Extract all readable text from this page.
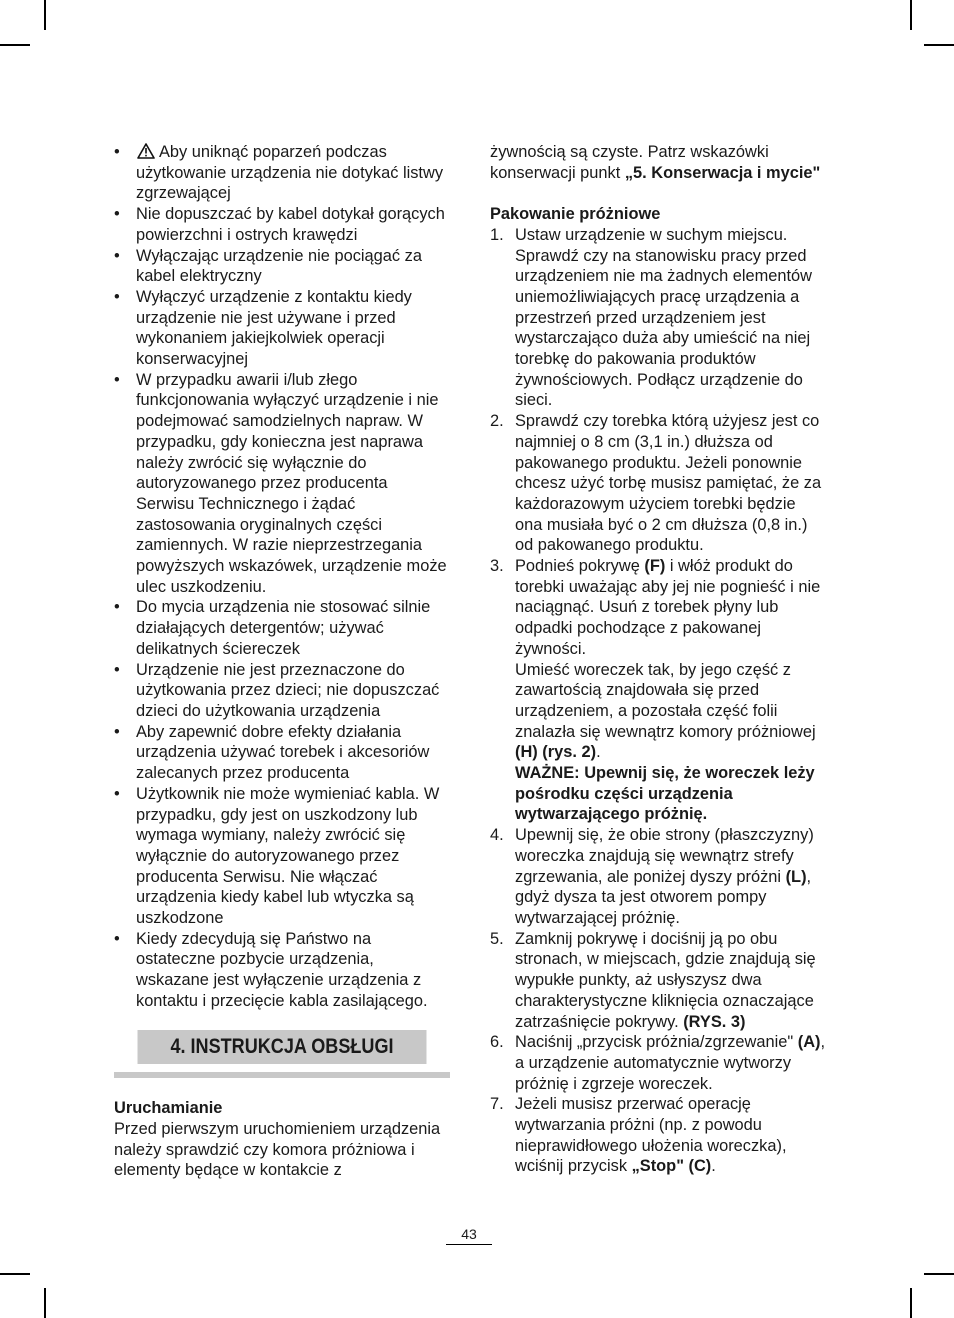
• Aby uniknąć poparzeń podczas użytkowanie urządzenia nie dotykać listwy zgrzewającej
• Nie dopuszczać by kabel dotykał gorących powierzchni i ostrych krawędzi
• Wyłączając urządzenie nie pociągać za kabel elektryczny
• Wyłączyć urządzenie z kontaktu kiedy urządzenie nie jest używane i przed wykonaniem jakiejkolwiek operacji konserwacyjnej
• W przypadku awarii i/lub złego funkcjonowania wyłączyć urządzenie i nie podejmować samodzielnych napraw. W przypadku, gdy konieczna jest naprawa należy zwrócić się wyłącznie do autoryzowanego przez producenta Serwisu Technicznego i żądać zastosowania oryginalnych części zamiennych. W razie nieprzestrzegania powyższych wskazówek, urządzenie może ulec uszkodzeniu.
• Do mycia urządzenia nie stosować silnie działających detergentów; używać delikatnych ściereczek
• Urządzenie nie jest przeznaczone do użytkowania przez dzieci; nie dopuszczać dzieci do użytkowania urządzenia
• Aby zapewnić dobre efekty działania urządzenia używać torebek i akcesoriów zalecanych przez producenta
• Użytkownik nie może wymieniać kabla. W przypadku, gdy jest on uszkodzony lub wymaga wymiany, należy zwrócić się wyłącznie do autoryzowanego przez producenta Serwisu. Nie włączać urządzenia kiedy kabel lub wtyczka są uszkodzone
• Kiedy zdecydują się Państwo na ostateczne pozbycie urządzenia, wskazane jest wyłączenie urządzenia z kontaktu i przecięcie kabla zasilającego.
4. INSTRUKCJA OBSŁUGI
Uruchamianie
Przed pierwszym uruchomieniem urządzenia należy sprawdzić czy komora próżniowa i elementy będące w kontakcie z
żywnością są czyste. Patrz wskazówki konserwacji punkt „5. Konserwacja i mycie"
Pakowanie próżniowe
1. Ustaw urządzenie w suchym miejscu. Sprawdź czy na stanowisku pracy przed urządzeniem nie ma żadnych elementów uniemożliwiających pracę urządzenia a przestrzeń przed urządzeniem jest wystarczająco duża aby umieścić na niej torebkę do pakowania produktów żywnościowych. Podłącz urządzenie do sieci.
2. Sprawdź czy torebka którą użyjesz jest co najmniej o 8 cm (3,1 in.) dłuższa od pakowanego produktu. Jeżeli ponownie chcesz użyć torbę musisz pamiętać, że za każdorazowym użyciem torebki będzie ona musiała być o 2 cm dłuższa (0,8 in.) od pakowanego produktu.
3. Podnieś pokrywę (F) i włóż produkt do torebki uważając aby jej nie pognieść i nie naciągnąć. Usuń z torebek płyny lub odpadki pochodzące z pakowanej żywności.
Umieść woreczek tak, by jego część z zawartością znajdowała się przed urządzeniem, a pozostała część folii znalazła się wewnątrz komory próżniowej (H) (rys. 2).
WAŻNE: Upewnij się, że woreczek leży pośrodku części urządzenia wytwarzającego próżnię.
4. Upewnij się, że obie strony (płaszczyzny) woreczka znajdują się wewnątrz strefy zgrzewania, ale poniżej dyszy próżni (L), gdyż dysza ta jest otworem pompy wytwarzającej próżnię.
5. Zamknij pokrywę i dociśnij ją po obu stronach, w miejscach, gdzie znajdują się wypukłe punkty, aż usłyszysz dwa charakterystyczne kliknięcia oznaczające zatrzaśnięcie pokrywy. (RYS. 3)
6. Naciśnij „przycisk próżnia/zgrzewanie" (A), a urządzenie automatycznie wytworzy próżnię i zgrzeje woreczek.
7. Jeżeli musisz przerwać operację wytwarzania próżni (np. z powodu nieprawidłowego ułożenia woreczka), wciśnij przycisk „Stop" (C).
43
